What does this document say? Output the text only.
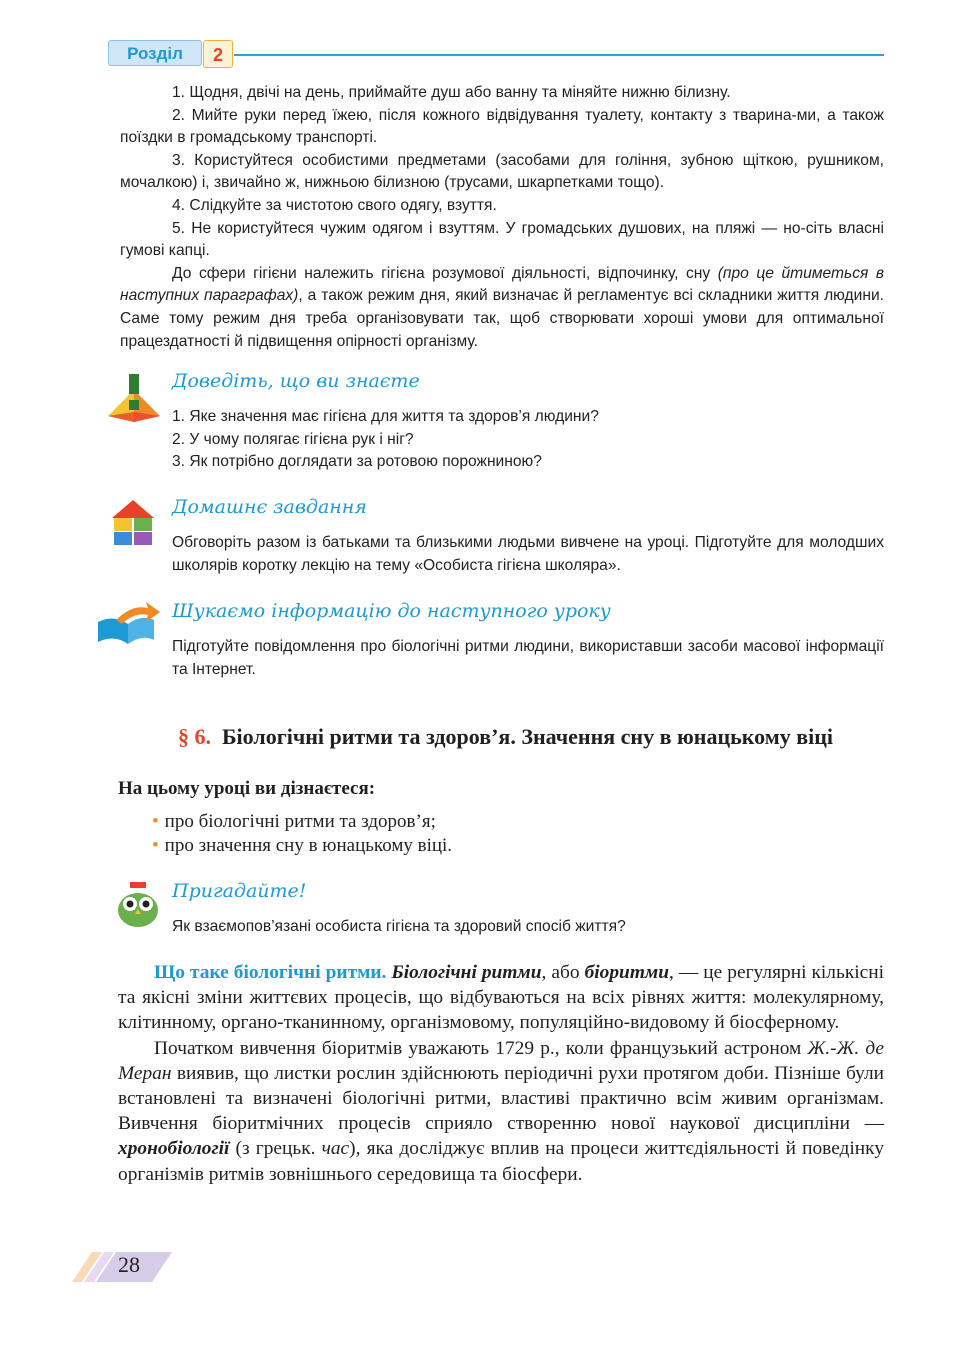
Розділ	2

1. Щодня, двічі на день, приймайте душ або ванну та міняйте нижню білизну.

2. Мийте руки перед їжею, після кожного відвідування туалету, контакту з тварина-ми, а також поїздки в громадському транспорті.

3. Користуйтеся особистими предметами (засобами для гоління, зубною щіткою, рушником, мочалкою) і, звичайно ж, нижньою білизною (трусами, шкарпетками тощо).

4. Слідкуйте за чистотою свого одягу, взуття.

5. Не користуйтеся чужим одягом і взуттям. У громадських душових, на пляжі — но-сіть власні гумові капці.

До сфери гігієни належить гігієна розумової діяльності, відпочинку, сну (про це йтиметься в наступних параграфах), а також режим дня, який визначає й регламентує всі складники життя людини. Саме тому режим дня треба організовувати так, щоб створювати хороші умови для оптимальної працездатності й підвищення опірності організму.

Доведіть, що ви знаєте

1. Яке значення має гігієна для життя та здоров’я людини?

2. У чому полягає гігієна рук і ніг?

3. Як потрібно доглядати за ротовою порожниною?

Домашнє завдання
Обговоріть разом із батьками та близькими людьми вивчене на уроці. Підготуйте для молодших школярів коротку лекцію на тему «Особиста гігієна школяра».
Шукаємо інформацію до наступного уроку
Підготуйте повідомлення про біологічні ритми людини, використавши засоби масової інформації та Інтернет.
§ 6. Біологічні ритми та здоров’я. Значення сну в юнацькому віці
На цьому уроці ви дізнаєтеся:
• про біологічні ритми та здоров’я;
• про значення сну в юнацькому віці.
Пригадайте!
Як взаємопов’язані особиста гігієна та здоровий спосіб життя?

Що таке біологічні ритми. Біологічні ритми, або біоритми, — це регулярні кількісні та якісні зміни життєвих процесів, що відбуваються на всіх рівнях життя: молекулярному, клітинному, органо-тканинному, організмовому, популяційно-видовому й біосферному.

Початком вивчення біоритмів уважають 1729 р., коли французький астроном Ж.-Ж. де Меран виявив, що листки рослин здійснюють періодичні рухи протягом доби. Пізніше були встановлені та визначені біологічні ритми, властиві практично всім живим організмам. Вивчення біоритмічних процесів сприяло створенню нової наукової дисципліни — хронобіології (з грецьк. час), яка досліджує вплив на процеси життєдіяльності й поведінку організмів ритмів зовнішнього середовища та біосфери.

28
